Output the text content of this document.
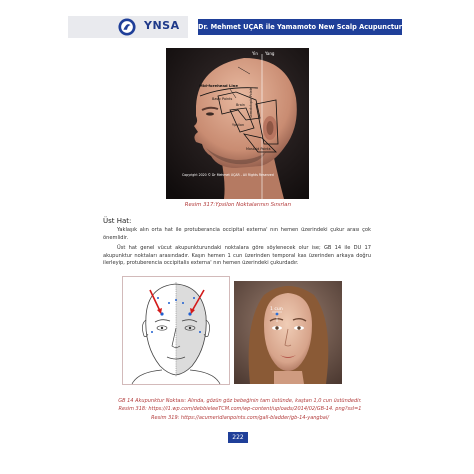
YNSA	Dr. Mehmet UÇAR ile Yamamoto New Scalp Acupuncture
Yin Yang
Mid-forehead Line
Basic Points
Brain
Ypsilon
Somatotopic Points
Mastoid Points
Copyright 2020 © Dr Mehmet UÇAR - All Rights Reserved
Resim 317:Ypsilon Noktalarının Sınırları
Üst Hat:

Yaklaşık alın orta hat ile protuberancia occipital externa' nın hemen üzerindeki çukur arası çok önemlidir.

Üst hat genel vücut akupunkturundaki noktalara göre söylenecek olur ise; GB 14 ile DU 17 akupunktur noktaları arasındadır. Kaşın hemen 1 cun üzerinden temporal kas üzerinden arkaya doğru ilerleyip, protuberencia occipitalis externa' nın hemen üzerindeki çukurdadır.

1 cun
GB 14 Akupunktur Noktası: Alında, gözün göz bebeğinin tam üstünde, kaştan 1,0 cun üstündedir.
Resim 318: https://i1.wp.com/debbieleeTCM.com/wp-content/uploads/2014/02/GB-14. png?ssl=1
Resim 319: https://acumeridianpoints.com/gall-bladder/gb-14-yangbai/
222
